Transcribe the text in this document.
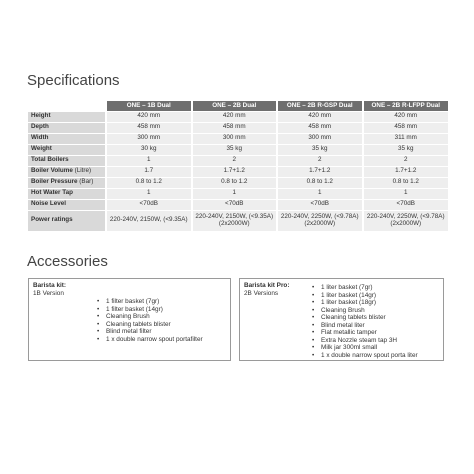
Specifications
	ONE – 1B Dual	ONE – 2B Dual	ONE – 2B R-GSP Dual	ONE – 2B R-LFPP Dual
Height	420 mm	420 mm	420 mm	420 mm
Depth	458 mm	458 mm	458 mm	458 mm
Width	300 mm	300 mm	300 mm	311 mm
Weight	30 kg	35 kg	35 kg	35 kg
Total Boilers	1	2	2	2
Boiler Volume (Litre)	1.7	1.7+1.2	1.7+1.2	1.7+1.2
Boiler Pressure (Bar)	0.8 to 1.2	0.8 to 1.2	0.8 to 1.2	0.8 to 1.2
Hot Water Tap	1	1	1	1
Noise Level	<70dB	<70dB	<70dB	<70dB
Power ratings	220-240V, 2150W, (<9.35A)	220-240V, 2150W, (<9.35A) (2x2000W)	220-240V, 2250W, (<9.78A) (2x2000W)	220-240V, 2250W, (<9.78A) (2x2000W)
Accessories
Barista kit:
1B Version
• 1 filter basket (7gr)
• 1 filter basket (14gr)
• Cleaning Brush
• Cleaning tablets blister
• Blind metal filter
• 1 x double narrow spout portafilter
Barista kit Pro:
2B Versions
• 1 liter basket (7gr)
• 1 liter basket (14gr)
• 1 liter basket (18gr)
• Cleaning Brush
• Cleaning tablets blister
• Blind metal liter
• Flat metallic tamper
• Extra Nozzle steam tap 3H
• Milk jar 300ml small
• 1 x double narrow spout porta liter
